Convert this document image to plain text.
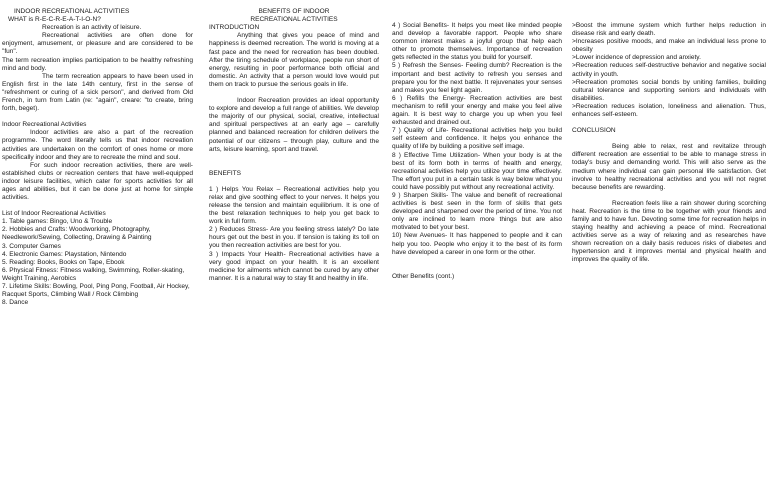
INDOOR RECREATIONAL ACTIVITIES

WHAT is R-E-C-R-E-A-T-I-O-N?

Recreation is an activity of leisure.

Recreational activities are often done for enjoyment, amusement, or pleasure and are considered to be "fun".

The term recreation implies participation to be healthy refreshing mind and body.

The term recreation appears to have been used in English first in the late 14th century, first in the sense of "refreshment or curing of a sick person", and derived from Old French, in turn from Latin (re: "again", creare: "to create, bring forth, beget).

Indoor Recreational Activities

Indoor activities are also a part of the recreation programme. The word literally tells us that indoor recreation activities are undertaken on the comfort of ones home or more specifically indoor and they are to recreate the mind and soul.

For such indoor recreation activities, there are well-established clubs or recreation centers that have well-equipped indoor leisure facilities, which cater for sports activities for all ages and abilities, but it can be done just at home for simple activities.

List of Indoor Recreational Activities

1. Table games: Bingo, Uno & Trouble

2. Hobbies and Crafts: Woodworking, Photography, Needlework/Sewing, Collecting, Drawing & Painting

3. Computer Games

4. Electronic Games: Playstation, Nintendo

5. Reading: Books, Books on Tape, Ebook

6. Physical Fitness: Fitness walking, Swimming, Roller-skating, Weight Training, Aerobics

7. Lifetime Skills: Bowling, Pool, Ping Pong, Football, Air Hockey, Racquet Sports, Climbing Wall / Rock Climbing

8. Dance

BENEFITS OF INDOOR

RECREATIONAL ACTIVITIES

INTRODUCTION

Anything that gives you peace of mind and happiness is deemed recreation. The world is moving at a fast pace and the need for recreation has been doubled. After the tiring schedule of workplace, people run short of energy, resulting in poor performance both official and domestic. An activity that a person would love would put them on track to pursue the serious goals in life.

Indoor Recreation provides an ideal opportunity to explore and develop a full range of abilities. We develop the majority of our physical, social, creative, intellectual and spiritual perspectives at an early age – carefully planned and balanced recreation for children delivers the potential of our citizens – through play, culture and the arts, leisure learning, sport and travel.

BENEFITS

1 ) Helps You Relax – Recreational activities help you relax and give soothing effect to your nerves. It helps you release the tension and maintain equilibrium. It is one of the best relaxation techniques to help you get back to work in full form.

2 ) Reduces Stress- Are you feeling stress lately? Do late hours get out the best in you. If tension is taking its toll on you then recreation activities are best for you.

3 ) Impacts Your Health- Recreational activities have a very good impact on your health. It is an excellent medicine for ailments which cannot be cured by any other manner. It is a natural way to stay fit and healthy in life.

4 ) Social Benefits- It helps you meet like minded people and develop a favorable rapport. People who share common interest makes a joyful group that help each other to promote themselves. Importance of recreation gets reflected in the status you build for yourself.

5 ) Refresh the Senses- Feeling dumb? Recreation is the important and best activity to refresh you senses and prepare you for the next battle. It rejuvenates your senses and makes you feel light again.

6 ) Refills the Energy- Recreation activities are best mechanism to refill your energy and make you feel alive again. It is best way to charge you up when you feel exhausted and drained out.

7 ) Quality of Life- Recreational activities help you build self esteem and confidence. It helps you enhance the quality of life by building a positive self image.

8 ) Effective Time Utilization- When your body is at the best of its form both in terms of health and energy, recreational activities help you utilize your time effectively. The effort you put in a certain task is way below what you could have possibly put without any recreational activity.

9 ) Sharpen Skills- The value and benefit of recreational activities is best seen in the form of skills that gets developed and sharpened over the period of time. You not only are inclined to learn more things but are also motivated to bet your best.

10) New Avenues- It has happened to people and it can help you too. People who enjoy it to the best of its form have developed a career in one form or the other.

Other Benefits (cont.)

>Boost the immune system which further helps reduction in disease risk and early death.

>Increases positive moods, and make an individual less prone to obesity

>Lower incidence of depression and anxiety.

>Recreation reduces self-destructive behavior and negative social activity in youth.

>Recreation promotes social bonds by uniting families, building cultural tolerance and supporting seniors and individuals with disabilities.

>Recreation reduces isolation, loneliness and alienation. Thus, enhances self-esteem.

CONCLUSION

Being able to relax, rest and revitalize through different recreation are essential to be able to manage stress in today's busy and demanding world. This will also serve as the medium where individual can gain personal life satisfaction. Get involve to healthy recreational activities and you will not regret because benefits are rewarding.

Recreation feels like a rain shower during scorching heat. Recreation is the time to be together with your friends and family and to have fun. Devoting some time for recreation helps in staying healthy and achieving a peace of mind. Recreational activities serve as a way of relaxing and as researches have shown recreation on a daily basis reduces risks of diabetes and hypertension and it improves mental and physical health and improves the quality of life.
